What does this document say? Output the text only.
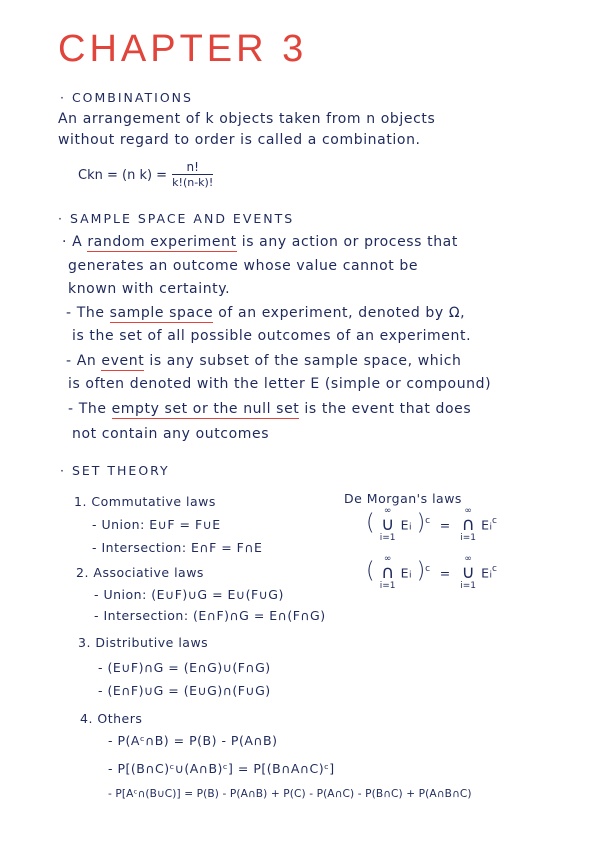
CHAPTER 3
· COMBINATIONS
An arrangement of k objects taken from n objects
without regard to order is called a combination.
Ckn = (n $k) = \frac{n!}{k!(n-k)!}$
· SAMPLE SPACE AND EVENTS
· A random experiment is any action or process that
generates an outcome whose value cannot be
known with certainty.
- The sample space of an experiment, denoted by Ω,
is the set of all possible outcomes of an experiment.
- An event is any subset of the sample space, which
is often denoted with the letter E (simple or compound)
- The empty set or the null set is the event that does
not contain any outcomes
· SET THEORY
1. Commutative laws
- Union: E∪F = F∪E
- Intersection: E∩F = F∩E
De Morgan's laws
( ∞
∪
i=1 Ei )$^c$  =  ∞
∩
i=1 Ei$^c$
( ∞
∩
i=1 Ei )$^c$  =  ∞
∪
i=1 Ei$^c$
2. Associative laws
- Union: (E∪F)∪G = E∪(F∪G)
- Intersection: (E∩F)∩G = E∩(F∩G)
3. Distributive laws
- (E∪F)∩G = (E∩G)∪(F∩G)
- (E∩F)∪G = (E∪G)∩(F∪G)
4. Others
- P(Aᶜ∩B) = P(B) - P(A∩B)
- P[(B∩C)ᶜ∪(A∩B)ᶜ] = P[(B∩A∩C)ᶜ]
- P[Aᶜ∩(B∪C)] = P(B) - P(A∩B) + P(C) - P(A∩C) - P(B∩C) + P(A∩B∩C)
